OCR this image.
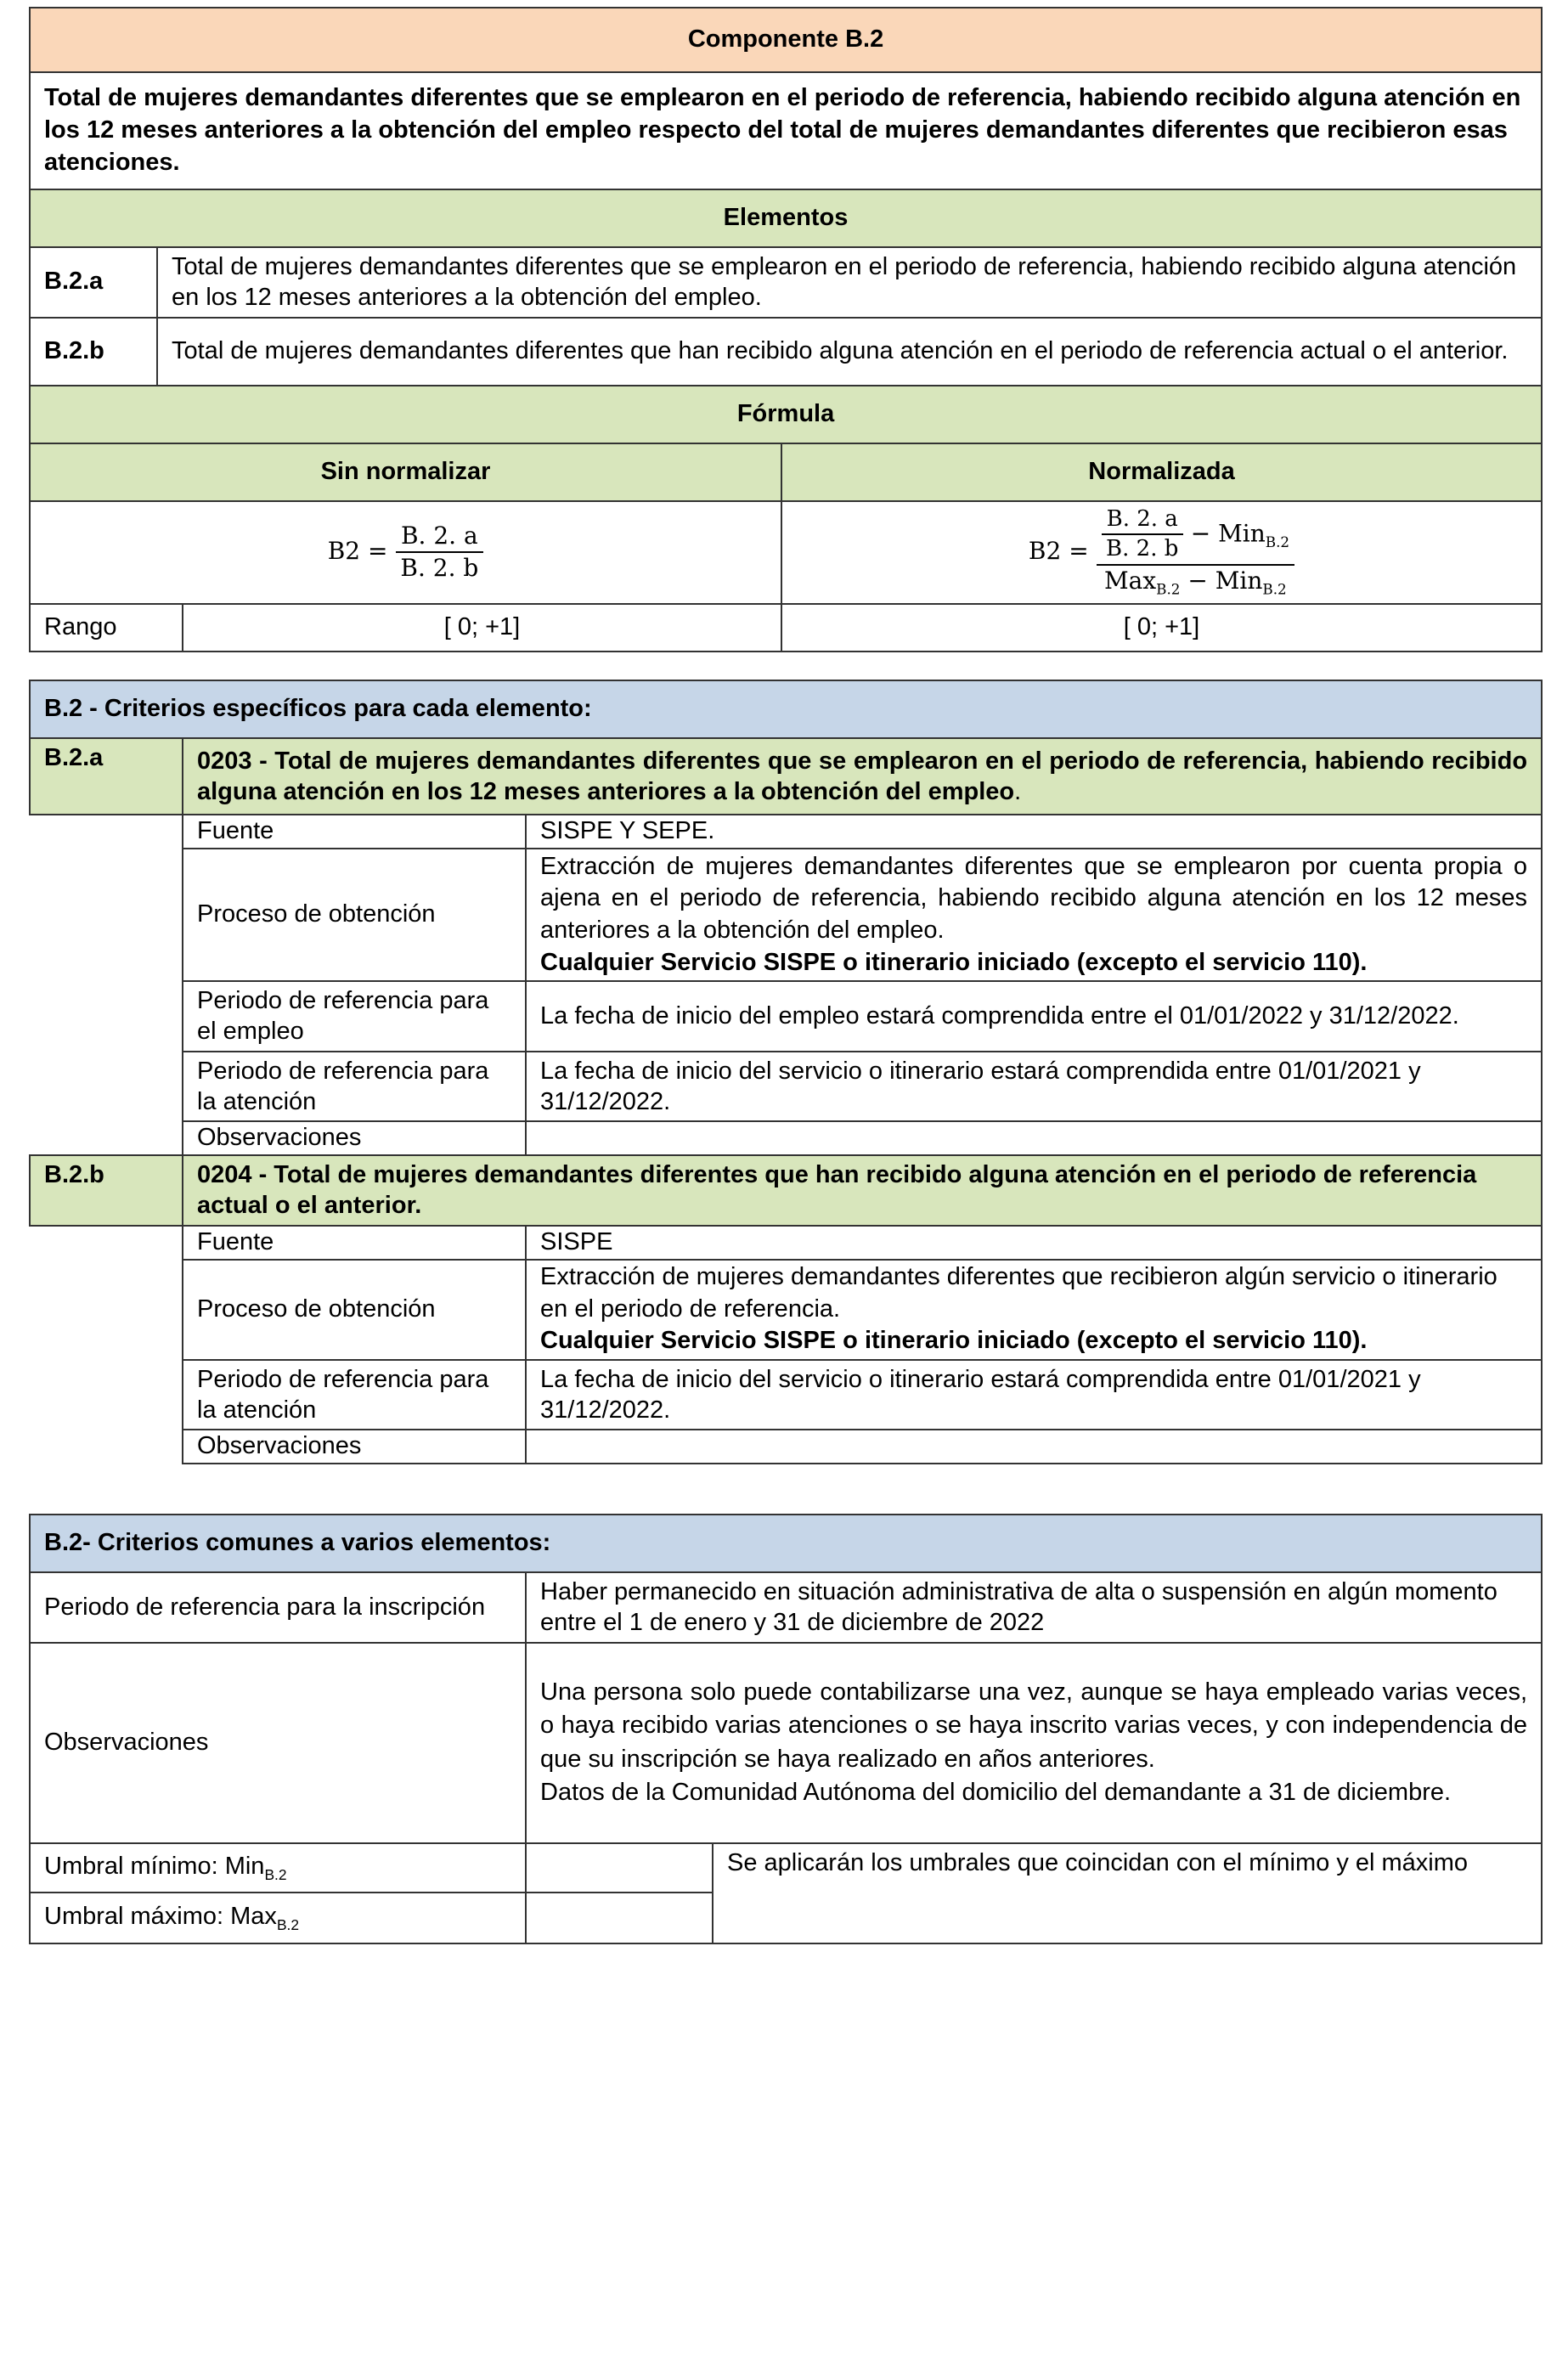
Componente B.2			
Total de mujeres demandantes diferentes que se emplearon en el periodo de referencia, habiendo recibido alguna atención en los 12 meses anteriores a la obtención del empleo respecto del total de mujeres demandantes diferentes que recibieron esas atenciones.			
Elementos			
B.2.a	Total de mujeres demandantes diferentes que se emplearon en el periodo de referencia, habiendo recibido alguna atención en los 12 meses anteriores a la obtención del empleo.		
B.2.b	Total de mujeres demandantes diferentes que han recibido alguna atención en el periodo de referencia actual o el anterior.		
Fórmula			
Sin normalizar			Normalizada
$B2 = \frac{B. 2. a}{B. 2. b}$			$B2 = \frac{\frac{B. 2. a}{B. 2. b} - Min_{B.2}}{Max_{B.2} - Min_{B.2}}$

Rango		[ 0; +1]	[ 0; +1]
B.2 - Criterios específicos para cada elemento:		
B.2.a	0203 - Total de mujeres demandantes diferentes que se emplearon en el periodo de referencia, habiendo recibido alguna atención en los 12 meses anteriores a la obtención del empleo.	
	Fuente	SISPE Y SEPE.
	Proceso de obtención	Extracción de mujeres demandantes diferentes que se emplearon por cuenta propia o ajena en el periodo de referencia, habiendo recibido alguna atención en los 12 meses anteriores a la obtención del empleo.
Cualquier Servicio SISPE o itinerario iniciado (excepto el servicio 110).

	Periodo de referencia para el empleo	La fecha de inicio del empleo estará comprendida entre el 01/01/2022 y 31/12/2022.
	Periodo de referencia para la atención	La fecha de inicio del servicio o itinerario estará comprendida entre 01/01/2021 y 31/12/2022.
	Observaciones	
B.2.b	0204 - Total de mujeres demandantes diferentes que han recibido alguna atención en el periodo de referencia actual o el anterior.	
	Fuente	SISPE
	Proceso de obtención	Extracción de mujeres demandantes diferentes que recibieron algún servicio o itinerario en el periodo de referencia.
Cualquier Servicio SISPE o itinerario iniciado (excepto el servicio 110).

	Periodo de referencia para la atención	La fecha de inicio del servicio o itinerario estará comprendida entre 01/01/2021 y 31/12/2022.
	Observaciones	
B.2- Criterios comunes a varios elementos:		
Periodo de referencia para la inscripción	Haber permanecido en situación administrativa de alta o suspensión en algún momento entre el 1 de enero y 31 de diciembre de 2022	
Observaciones	Una persona solo puede contabilizarse una vez, aunque se haya empleado varias veces, o haya recibido varias atenciones o se haya inscrito varias veces, y con independencia de que su inscripción se haya realizado en años anteriores.
Datos de la Comunidad Autónoma del domicilio del demandante a 31 de diciembre.	

Umbral mínimo: Min$_{B.2}$		Se aplicarán los umbrales que coincidan con el mínimo y el máximo
Umbral máximo: Max$_{B.2}$	
